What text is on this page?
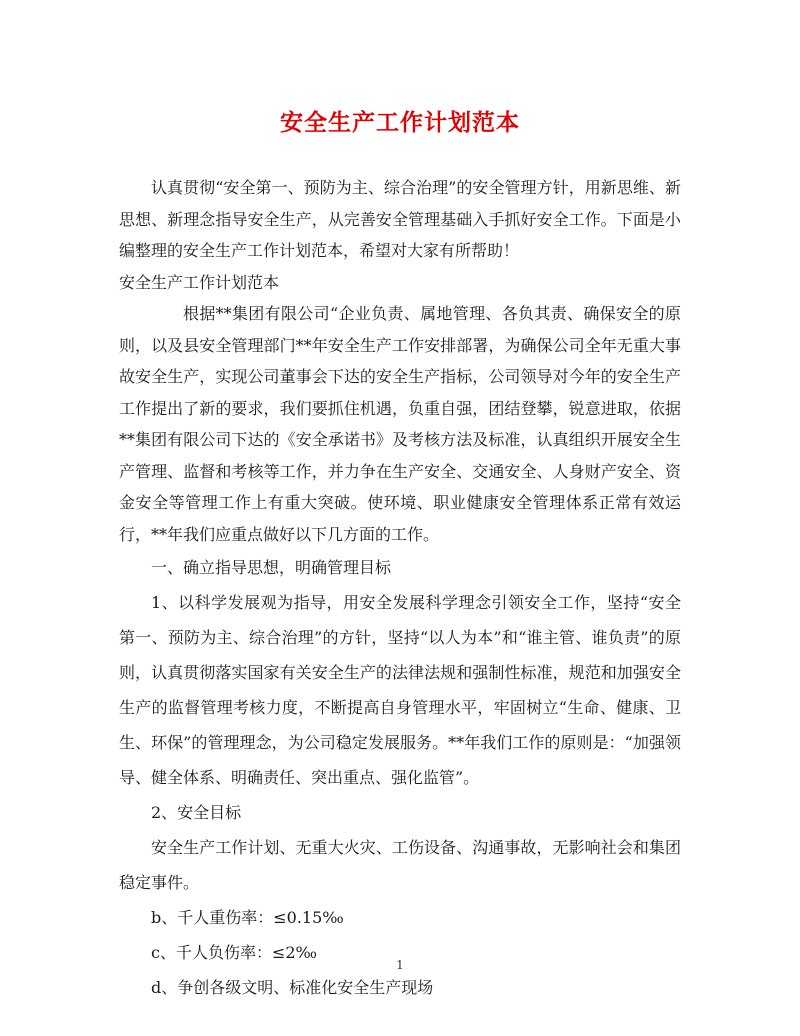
安全生产工作计划范本

认真贯彻“安全第一、预防为主、综合治理”的安全管理方针，用新思维、新思想、新理念指导安全生产，从完善安全管理基础入手抓好安全工作。下面是小编整理的安全生产工作计划范本，希望对大家有所帮助！

安全生产工作计划范本

根据**集团有限公司“企业负责、属地管理、各负其责、确保安全的原则，以及县安全管理部门**年安全生产工作安排部署，为确保公司全年无重大事故安全生产，实现公司董事会下达的安全生产指标，公司领导对今年的安全生产工作提出了新的要求，我们要抓住机遇，负重自强，团结登攀，锐意进取，依据**集团有限公司下达的《安全承诺书》及考核方法及标准，认真组织开展安全生产管理、监督和考核等工作，并力争在生产安全、交通安全、人身财产安全、资金安全等管理工作上有重大突破。使环境、职业健康安全管理体系正常有效运行，**年我们应重点做好以下几方面的工作。

一、确立指导思想，明确管理目标

1、以科学发展观为指导，用安全发展科学理念引领安全工作，坚持“安全第一、预防为主、综合治理”的方针，坚持“以人为本”和“谁主管、谁负责”的原则，认真贯彻落实国家有关安全生产的法律法规和强制性标准，规范和加强安全生产的监督管理考核力度，不断提高自身管理水平，牢固树立“生命、健康、卫生、环保”的管理理念，为公司稳定发展服务。**年我们工作的原则是：“加强领导、健全体系、明确责任、突出重点、强化监管”。

2、安全目标

安全生产工作计划、无重大火灾、工伤设备、沟通事故，无影响社会和集团稳定事件。

b、千人重伤率：≤0.15‰

c、千人负伤率：≤2‰

d、争创各级文明、标准化安全生产现场

1
